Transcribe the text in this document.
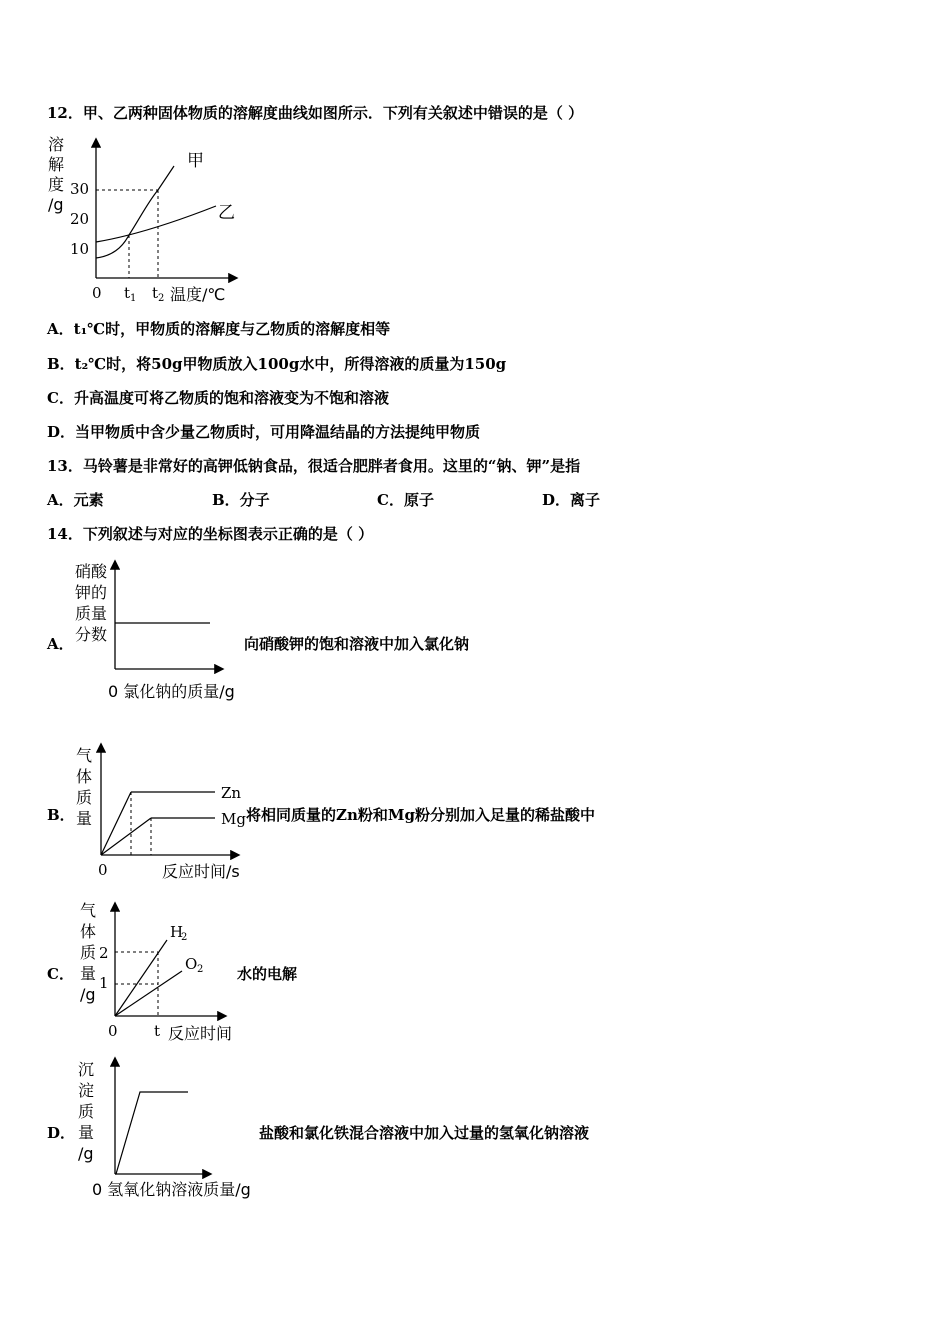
12．甲、乙两种固体物质的溶解度曲线如图所示．下列有关叙述中错误的是（ ）
溶
解
度
/g
10
20
30
甲
乙
0 t 1 t 2 温度/℃
A．t₁℃时，甲物质的溶解度与乙物质的溶解度相等
B．t₂℃时，将50g甲物质放入100g水中，所得溶液的质量为150g
C．升高温度可将乙物质的饱和溶液变为不饱和溶液
D．当甲物质中含少量乙物质时，可用降温结晶的方法提纯甲物质
13．马铃薯是非常好的高钾低钠食品，很适合肥胖者食用。这里的“钠、钾”是指
A．元素	B．分子	C．原子	D．离子
14．下列叙述与对应的坐标图表示正确的是（ ）
A．
硝酸
钾的
质量
分数
0 氯化钠的质量/g
向硝酸钾的饱和溶液中加入氯化钠
B．
气
体
质
量
Zn
Mg
0	反应时间/s
将相同质量的Zn粉和Mg粉分别加入足量的稀盐酸中
C．
气
体
质
量
/g
2
1
H
2
O 2
0 t 反应时间
水的电解
D．
沉
淀
质
量
/g
0 氢氧化钠溶液质量/g
盐酸和氯化铁混合溶液中加入过量的氢氧化钠溶液
